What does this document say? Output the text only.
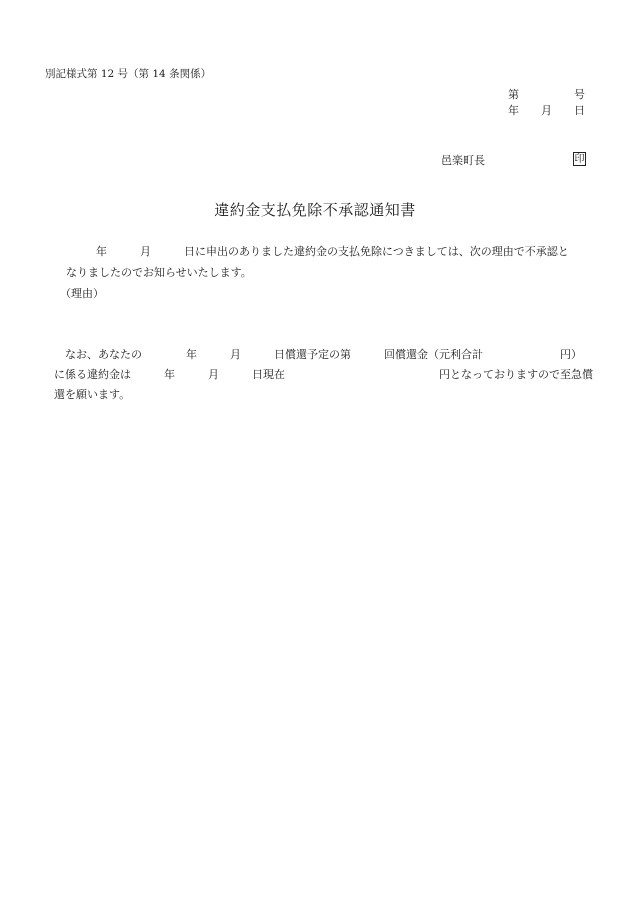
別記様式第 12 号（第 14 条関係）
第　　　　　号
年　　月　　日
邑楽町長	印
違約金支払免除不承認通知書
年　　　月　　　日に申出のありました違約金の支払免除につきましては、次の理由で不承認と
なりましたのでお知らせいたします。
（理由）
なお、あなたの　　　　年　　　月　　　日償還予定の第　　　回償還金（元利合計　　　　　　　円）
に係る違約金は　　　年　　　月　　　日現在　　　　　　　　　　　　　　円となっておりますので至急償
還を願います。
